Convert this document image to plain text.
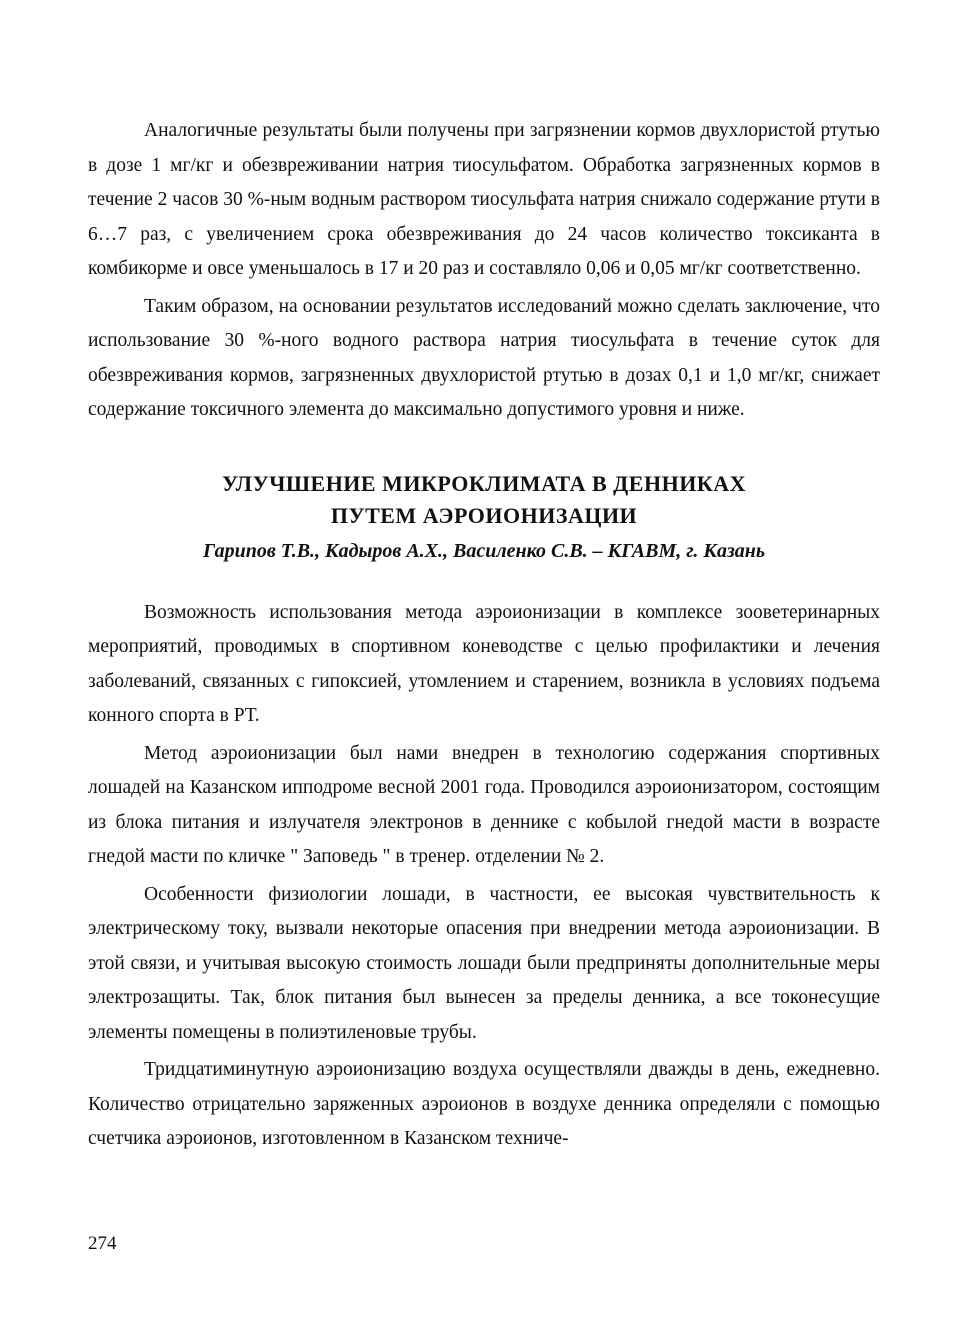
Аналогичные результаты были получены при загрязнении кормов двухлористой ртутью в дозе 1 мг/кг и обезвреживании натрия тиосульфатом. Обработка загрязненных кормов в течение 2 часов 30 %-ным водным раствором тиосульфата натрия снижало содержание ртути в 6…7 раз, с увеличением срока обезвреживания до 24 часов количество токсиканта в комбикорме и овсе уменьшалось в 17 и 20 раз и составляло 0,06 и 0,05 мг/кг соответственно.

Таким образом, на основании результатов исследований можно сделать заключение, что использование 30 %-ного водного раствора натрия тиосульфата в течение суток для обезвреживания кормов, загрязненных двухлористой ртутью в дозах 0,1 и 1,0 мг/кг, снижает содержание токсичного элемента до максимально допустимого уровня и ниже.

УЛУЧШЕНИЕ МИКРОКЛИМАТА В ДЕННИКАХ
ПУТЕМ АЭРОИОНИЗАЦИИ
Гарипов Т.В., Кадыров А.Х., Василенко С.В. – КГАВМ, г. Казань

Возможность использования метода аэроионизации в комплексе зооветеринарных мероприятий, проводимых в спортивном коневодстве с целью профилактики и лечения заболеваний, связанных с гипоксией, утомлением и старением, возникла в условиях подъема конного спорта в РТ.

Метод аэроионизации был нами внедрен в технологию содержания спортивных лошадей на Казанском ипподроме весной 2001 года. Проводился аэроионизатором, состоящим из блока питания и излучателя электронов в деннике с кобылой гнедой масти в возрасте гнедой масти по кличке " Заповедь " в тренер. отделении № 2.

Особенности физиологии лошади, в частности, ее высокая чувствительность к электрическому току, вызвали некоторые опасения при внедрении метода аэроионизации. В этой связи, и учитывая высокую стоимость лошади были предприняты дополнительные меры электрозащиты. Так, блок питания был вынесен за пределы денника, а все токонесущие элементы помещены в полиэтиленовые трубы.

Тридцатиминутную аэроионизацию воздуха осуществляли дважды в день, ежедневно. Количество отрицательно заряженных аэроионов в воздухе денника определяли с помощью счетчика аэроионов, изготовленном в Казанском техниче-

274
